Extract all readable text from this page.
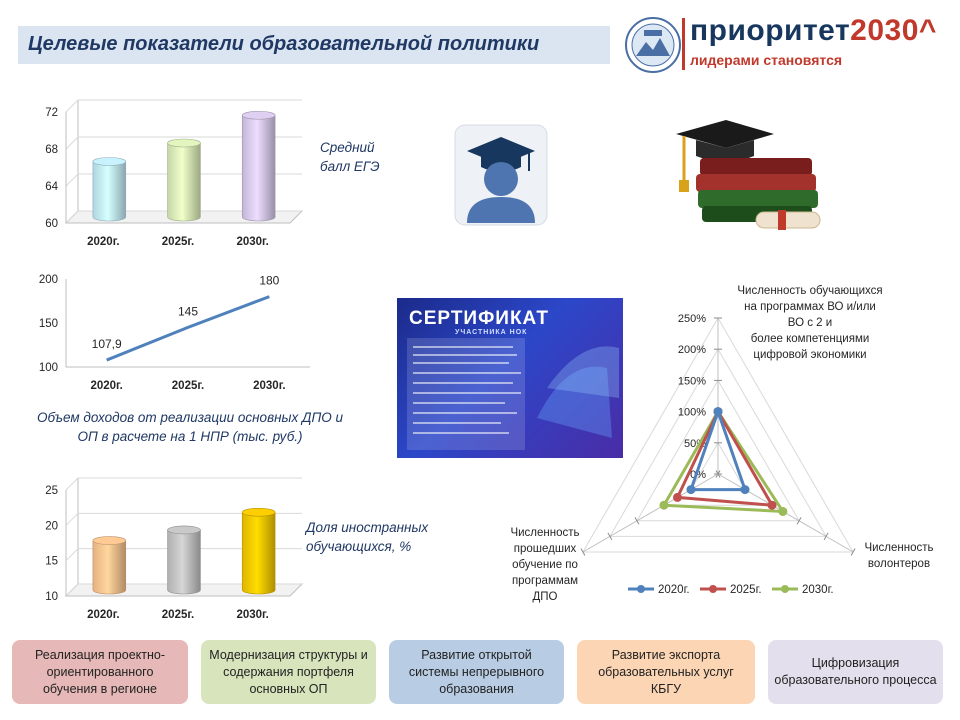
Целевые показатели образовательной политики	приоритет2030^
лидерами становятся
60
64
68
72
2020г.	2025г.	2030г.
Средний балл ЕГЭ
100
150
200
107,9
2020г.
145
2025г.
180
2030г.
Объем доходов от реализации основных ДПО и ОП в расчете на 1 НПР (тыс. руб.)
10
15
20
25
2020г.	2025г.	2030г.
Доля иностранных обучающихся, %
СЕРТИФИКАТ
УЧАСТНИКА НОК
0%
50%
100%
150%
200%
250%
Численность обучающихся
на программах ВО и/или
ВО с 2 и
более компетенциями
цифровой экономики
Численность
волонтеров
Численность
прошедших
обучение по
программам
ДПО
2020г.	2025г.	2030г.
Реализация проектно-ориентированного обучения в регионе
Модернизация структуры и содержания портфеля основных ОП
Развитие открытой системы непрерывного образования
Развитие экспорта образовательных услуг КБГУ
Цифровизация образовательного процесса
